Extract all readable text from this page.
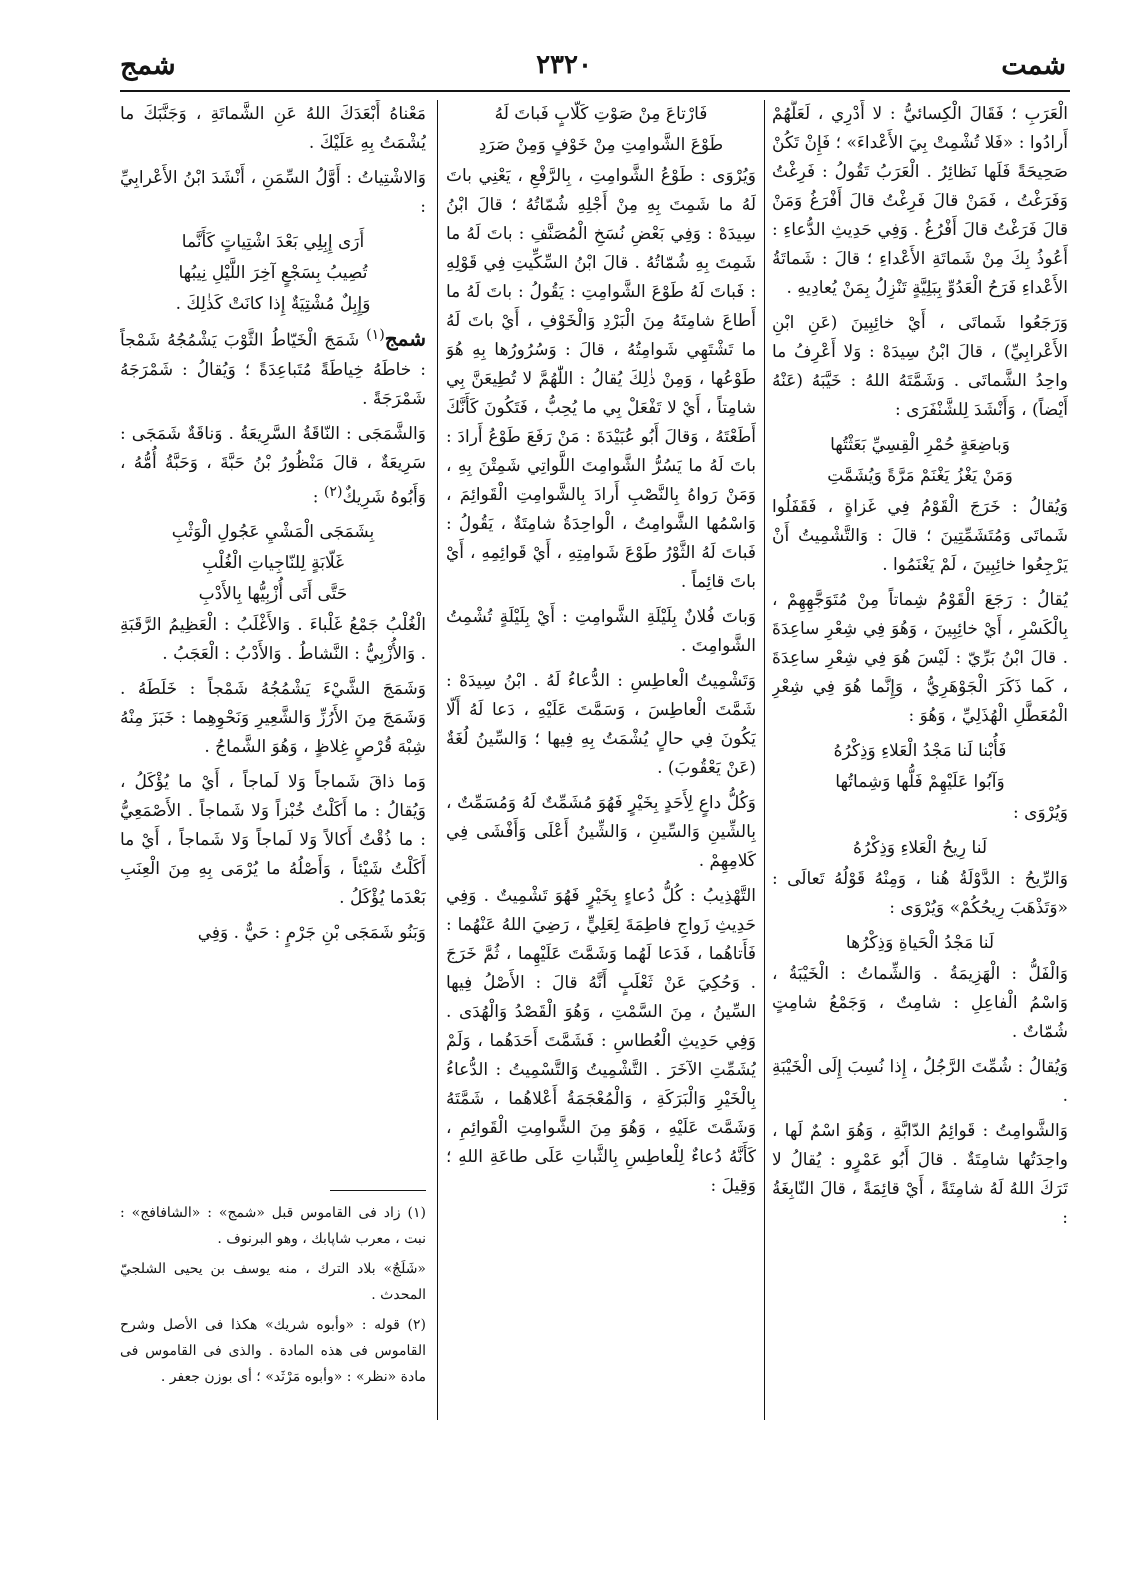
شمت
٢٣٢٠
شمج

الْعَرَبِ ؛ فَقَالَ الْكِسائيُّ : لا أَدْرِي ، لَعَلَّهُمْ أَرادُوا : «فَلا تُشْمِتْ بِيَ الأَعْداءَ» ؛ فَإِنْ تَكُنْ صَحِيحَةً فَلَها نَظائِرُ . الْعَرَبُ تَقُولُ : فَرِغْتُ وَفَرَغْتُ ، فَمَنْ قالَ فَرِغْتُ قالَ أَفْرَغُ وَمَنْ قالَ فَرَغْتُ قالَ أَفْرُغُ . وَفِي حَدِيثِ الدُّعاءِ : أَعُوذُ بِكَ مِنْ شَماتَةِ الأَعْداءِ ؛ قالَ : شَماتَةُ الأَعْداءِ فَرَحُ الْعَدُوِّ بِبَلِيَّةٍ تَنْزِلُ بِمَنْ يُعادِيهِ .

وَرَجَعُوا شَماتَى ، أَيْ خائِبِينَ (عَنِ ابْنِ الأَعْرابِيِّ) ، قالَ ابْنُ سِيدَهْ : وَلا أَعْرِفُ ما واحِدُ الشَّماتَى . وَشَمَّتَهُ اللهُ : خَيَّبَهُ (عَنْهُ أَيْضاً) ، وَأَنْشَدَ لِلشَّنْفَرَى :

وَباضِعَةٍ حُمْرِ الْقِسِيِّ بَعَثْتُها

وَمَنْ يَغْزُ يَغْنَمْ مَرَّةً وَيُشَمَّتِ

وَيُقالُ : خَرَجَ الْقَوْمُ فِي غَزاةٍ ، فَقَفَلُوا شَماتَى وَمُتَشَمِّتِينَ ؛ قالَ : وَالتَّشْمِيتُ أَنْ يَرْجِعُوا خائِبِينَ ، لَمْ يَغْنَمُوا .

يُقالُ : رَجَعَ الْقَوْمُ شِماتاً مِنْ مُتَوَجَّهِهِمْ ، بِالْكَسْرِ ، أَيْ خائِبِينَ ، وَهُوَ فِي شِعْرِ ساعِدَةَ . قالَ ابْنُ بَرِّيّ : لَيْسَ هُوَ فِي شِعْرِ ساعِدَةَ ، كَما ذَكَرَ الْجَوْهَرِيُّ ، وَإِنَّما هُوَ فِي شِعْرِ الْمُعَطَّلِ الْهُذَلِيِّ ، وَهُوَ :

فَأُبْنا لَنا مَجْدُ الْعَلاءِ وَذِكْرُهُ

وَآبُوا عَلَيْهِمْ فَلُّها وَشِماتُها

وَيُرْوَى :

لَنا رِيحُ الْعَلاءِ وَذِكْرُهُ

وَالرِّيحُ : الدَّوْلَةُ هُنا ، وَمِنْهُ قَوْلُهُ تَعالَى : «وَتَذْهَبَ رِيحُكُمْ» وَيُرْوَى :

لَنا مَجْدُ الْحَياةِ وَذِكْرُها

وَالْفَلُّ : الْهَزِيمَةُ . وَالشِّماتُ : الْخَيْبَةُ ، وَاسْمُ الْفاعِلِ : شامِتٌ ، وَجَمْعُ شامِتٍ شُمّاتٌ .

وَيُقالُ : شُمِّتَ الرَّجُلُ ، إِذا نُسِبَ إِلَى الْخَيْبَةِ .

وَالشَّوامِتُ : قَوائِمُ الدّابَّةِ ، وَهُوَ اسْمٌ لَها ، واحِدَتُها شامِتَةٌ . قالَ أَبُو عَمْرٍو : يُقالُ لا تَرَكَ اللهُ لَهُ شامِتَةً ، أَيْ قائِمَةً ، قالَ النّابِغَةُ :

فَارْتاعَ مِنْ صَوْتِ كَلّابٍ فَباتَ لَهُ

طَوْعَ الشَّوامِتِ مِنْ خَوْفٍ وَمِنْ صَرَدِ

وَيُرْوَى : طَوْعُ الشَّوامِتِ ، بِالرَّفْعِ ، يَعْنِي باتَ لَهُ ما شَمِتَ بِهِ مِنْ أَجْلِهِ شُمّاتُهُ ؛ قالَ ابْنُ سِيدَهْ : وَفِي بَعْضِ نُسَخِ الْمُصَنَّفِ : باتَ لَهُ ما شَمِتَ بِهِ شُمّاتُهُ . قالَ ابْنُ السِّكِّيتِ فِي قَوْلِهِ : فَباتَ لَهُ طَوْعَ الشَّوامِتِ : يَقُولُ : باتَ لَهُ ما أَطاعَ شامِتَهُ مِنَ الْبَرْدِ وَالْخَوْفِ ، أَيْ باتَ لَهُ ما تَشْتَهِي شَوامِتُهُ ، قالَ : وَسُرُورُها بِهِ هُوَ طَوْعُها ، وَمِنْ ذٰلِكَ يُقالُ : اللّٰهُمَّ لا تُطِيعَنَّ بِي شامِتاً ، أَيْ لا تَفْعَلْ بِي ما يُحِبُّ ، فَتَكُونَ كَأَنَّكَ أَطَعْتَهُ ، وَقالَ أَبُو عُبَيْدَةَ : مَنْ رَفَعَ طَوْعُ أَرادَ : باتَ لَهُ ما يَسُرُّ الشَّوامِتَ اللَّواتِي شَمِتْنَ بِهِ ، وَمَنْ رَواهُ بِالنَّصْبِ أَرادَ بِالشَّوامِتِ الْقَوائِمَ ، وَاسْمُها الشَّوامِتُ ، الْواحِدَةُ شامِتَةٌ ، يَقُولُ : فَباتَ لَهُ الثَّوْرُ طَوْعَ شَوامِتِهِ ، أَيْ قَوائِمِهِ ، أَيْ باتَ قائِماً .

وَباتَ فُلانٌ بِلَيْلَةِ الشَّوامِتِ : أَيْ بِلَيْلَةٍ تُشْمِتُ الشَّوامِتَ .

وَتَشْمِيتُ الْعاطِسِ : الدُّعاءُ لَهُ . ابْنُ سِيدَهْ : شَمَّتَ الْعاطِسَ ، وَسَمَّتَ عَلَيْهِ ، دَعا لَهُ أَلّا يَكُونَ فِي حالٍ يُشْمَتُ بِهِ فِيها ؛ وَالسِّينُ لُغَةٌ (عَنْ يَعْقُوبَ) .

وَكُلُّ داعٍ لِأَحَدٍ بِخَيْرٍ فَهُوَ مُشَمِّتٌ لَهُ وَمُسَمِّتٌ ، بِالشِّينِ وَالسِّينِ ، وَالشِّينُ أَعْلَى وَأَفْشَى فِي كَلامِهِمْ .

التَّهْذِيبُ : كُلُّ دُعاءٍ بِخَيْرٍ فَهُوَ تَشْمِيتٌ . وَفِي حَدِيثِ زَواجِ فاطِمَةَ لِعَلِيٍّ ، رَضِيَ اللهُ عَنْهُما : فَأَتاهُما ، فَدَعا لَهُما وَشَمَّتَ عَلَيْهِما ، ثُمَّ خَرَجَ . وَحُكِيَ عَنْ ثَعْلَبٍ أَنَّهُ قالَ : الأَصْلُ فِيها السِّينُ ، مِنَ السَّمْتِ ، وَهُوَ الْقَصْدُ وَالْهُدَى . وَفِي حَدِيثِ الْعُطاسِ : فَشَمَّتَ أَحَدَهُما ، وَلَمْ يُشَمِّتِ الآخَرَ . التَّشْمِيتُ وَالتَّسْمِيتُ : الدُّعاءُ بِالْخَيْرِ وَالْبَرَكَةِ ، وَالْمُعْجَمَةُ أَعْلاهُما ، شَمَّتَهُ وَشَمَّتَ عَلَيْهِ ، وَهُوَ مِنَ الشَّوامِتِ الْقَوائِمِ ، كَأَنَّهُ دُعاءٌ لِلْعاطِسِ بِالثَّباتِ عَلَى طاعَةِ اللهِ ؛ وَقِيلَ :

مَعْناهُ أَبْعَدَكَ اللهُ عَنِ الشَّماتَةِ ، وَجَنَّبَكَ ما يُشْمَتُ بِهِ عَلَيْكَ .

وَالاشْتِياتُ : أَوَّلُ السِّمَنِ ، أَنْشَدَ ابْنُ الأَعْرابِيِّ :

أَرَى إِبِلِي بَعْدَ اشْتِياتٍ كَأَنَّما

تُصِيبُ بِسَجْعٍ آخِرَ اللَّيْلِ نِيبُها

وَإِبِلٌ مُشْتِيَةٌ إِذا كانَتْ كَذٰلِكَ .

شمج$^{(١)}$ شَمَجَ الْخَيّاطُ الثَّوْبَ يَشْمُجُهُ شَمْجاً : خاطَهُ خِياطَةً مُتَباعِدَةً ؛ وَيُقالُ : شَمْرَجَهُ شَمْرَجَةً .

وَالشَّمَجَى : النّاقَةُ السَّرِيعَةُ . وَناقَةٌ شَمَجَى : سَرِيعَةٌ ، قالَ مَنْظُورُ بْنُ حَبَّةَ ، وَحَبَّةُ أُمُّهُ ، وَأَبُوهُ شَرِيكٌ$^{(٢)}$ :

بِشَمَجَى الْمَشْيِ عَجُولِ الْوَثْبِ

غَلّابَةٍ لِلنّاجِياتِ الْغُلْبِ

حَتَّى أَتَى أُزْبِيُّها بِالأَدْبِ

الْغُلْبُ جَمْعُ غَلْباءَ . وَالأَغْلَبُ : الْعَظِيمُ الرَّقَبَةِ . وَالأُزْبِيُّ : النَّشاطُ . وَالأَدْبُ : الْعَجَبُ .

وَشَمَجَ الشَّيْءَ يَشْمُجُهُ شَمْجاً : خَلَطَهُ . وَشَمَجَ مِنَ الأَرُزِّ وَالشَّعِيرِ وَنَحْوِهِما : خَبَزَ مِنْهُ شِبْهَ قُرْصٍ غِلاظٍ ، وَهُوَ الشَّماجُ .

وَما ذاقَ شَماجاً وَلا لَماجاً ، أَيْ ما يُؤْكَلُ ، وَيُقالُ : ما أَكَلْتُ خُبْزاً وَلا شَماجاً . الأَصْمَعِيُّ : ما ذُقْتُ أَكالاً وَلا لَماجاً وَلا شَماجاً ، أَيْ ما أَكَلْتُ شَيْئاً ، وَأَصْلُهُ ما يُرْمَى بِهِ مِنَ الْعِنَبِ بَعْدَما يُؤْكَلُ .

وَبَنُو شَمَجَى بْنِ جَرْمٍ : حَيٌّ . وَفِي

(١) زاد فى القاموس قبل «شمج» : «الشافافج» : نبت ، معرب شاپابك ، وهو البرنوف .

«شَلَجٌ» بلاد الترك ، منه يوسف بن يحيى الشلجيّ المحدث .

(٢) قوله : «وأبوه شريك» هكذا فى الأصل وشرح القاموس فى هذه المادة . والذى فى القاموس فى مادة «نظر» : «وأبوه مَرْثَد» ؛ أى بوزن جعفر .
